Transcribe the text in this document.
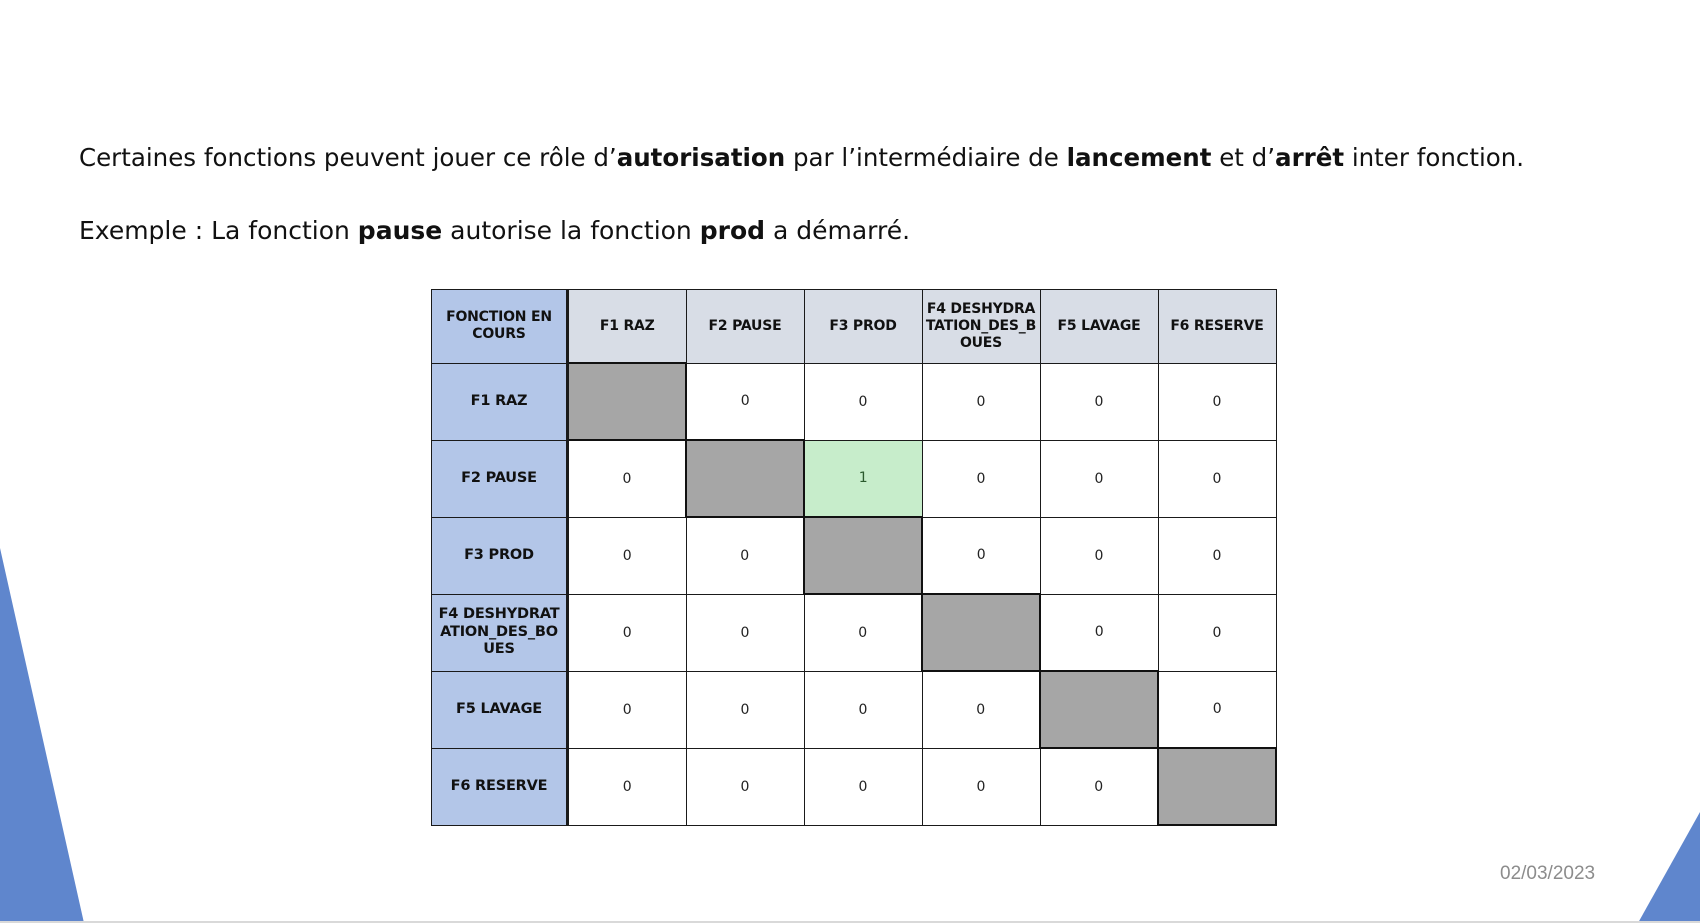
Certaines fonctions peuvent jouer ce rôle d’autorisation par l’intermédiaire de lancement et d’arrêt inter fonction.
Exemple : La fonction pause autorise la fonction prod a démarré.
FONCTION EN COURS	F1 RAZ	F2 PAUSE	F3 PROD	F4 DESHYDRATATION_DES_BOUES	F5 LAVAGE	F6 RESERVE
F1 RAZ		0	0	0	0	0
F2 PAUSE	0		1	0	0	0
F3 PROD	0	0		0	0	0
F4 DESHYDRATATION_DES_BOUES	0	0	0		0	0
F5 LAVAGE	0	0	0	0		0
F6 RESERVE	0	0	0	0	0	
02/03/2023
